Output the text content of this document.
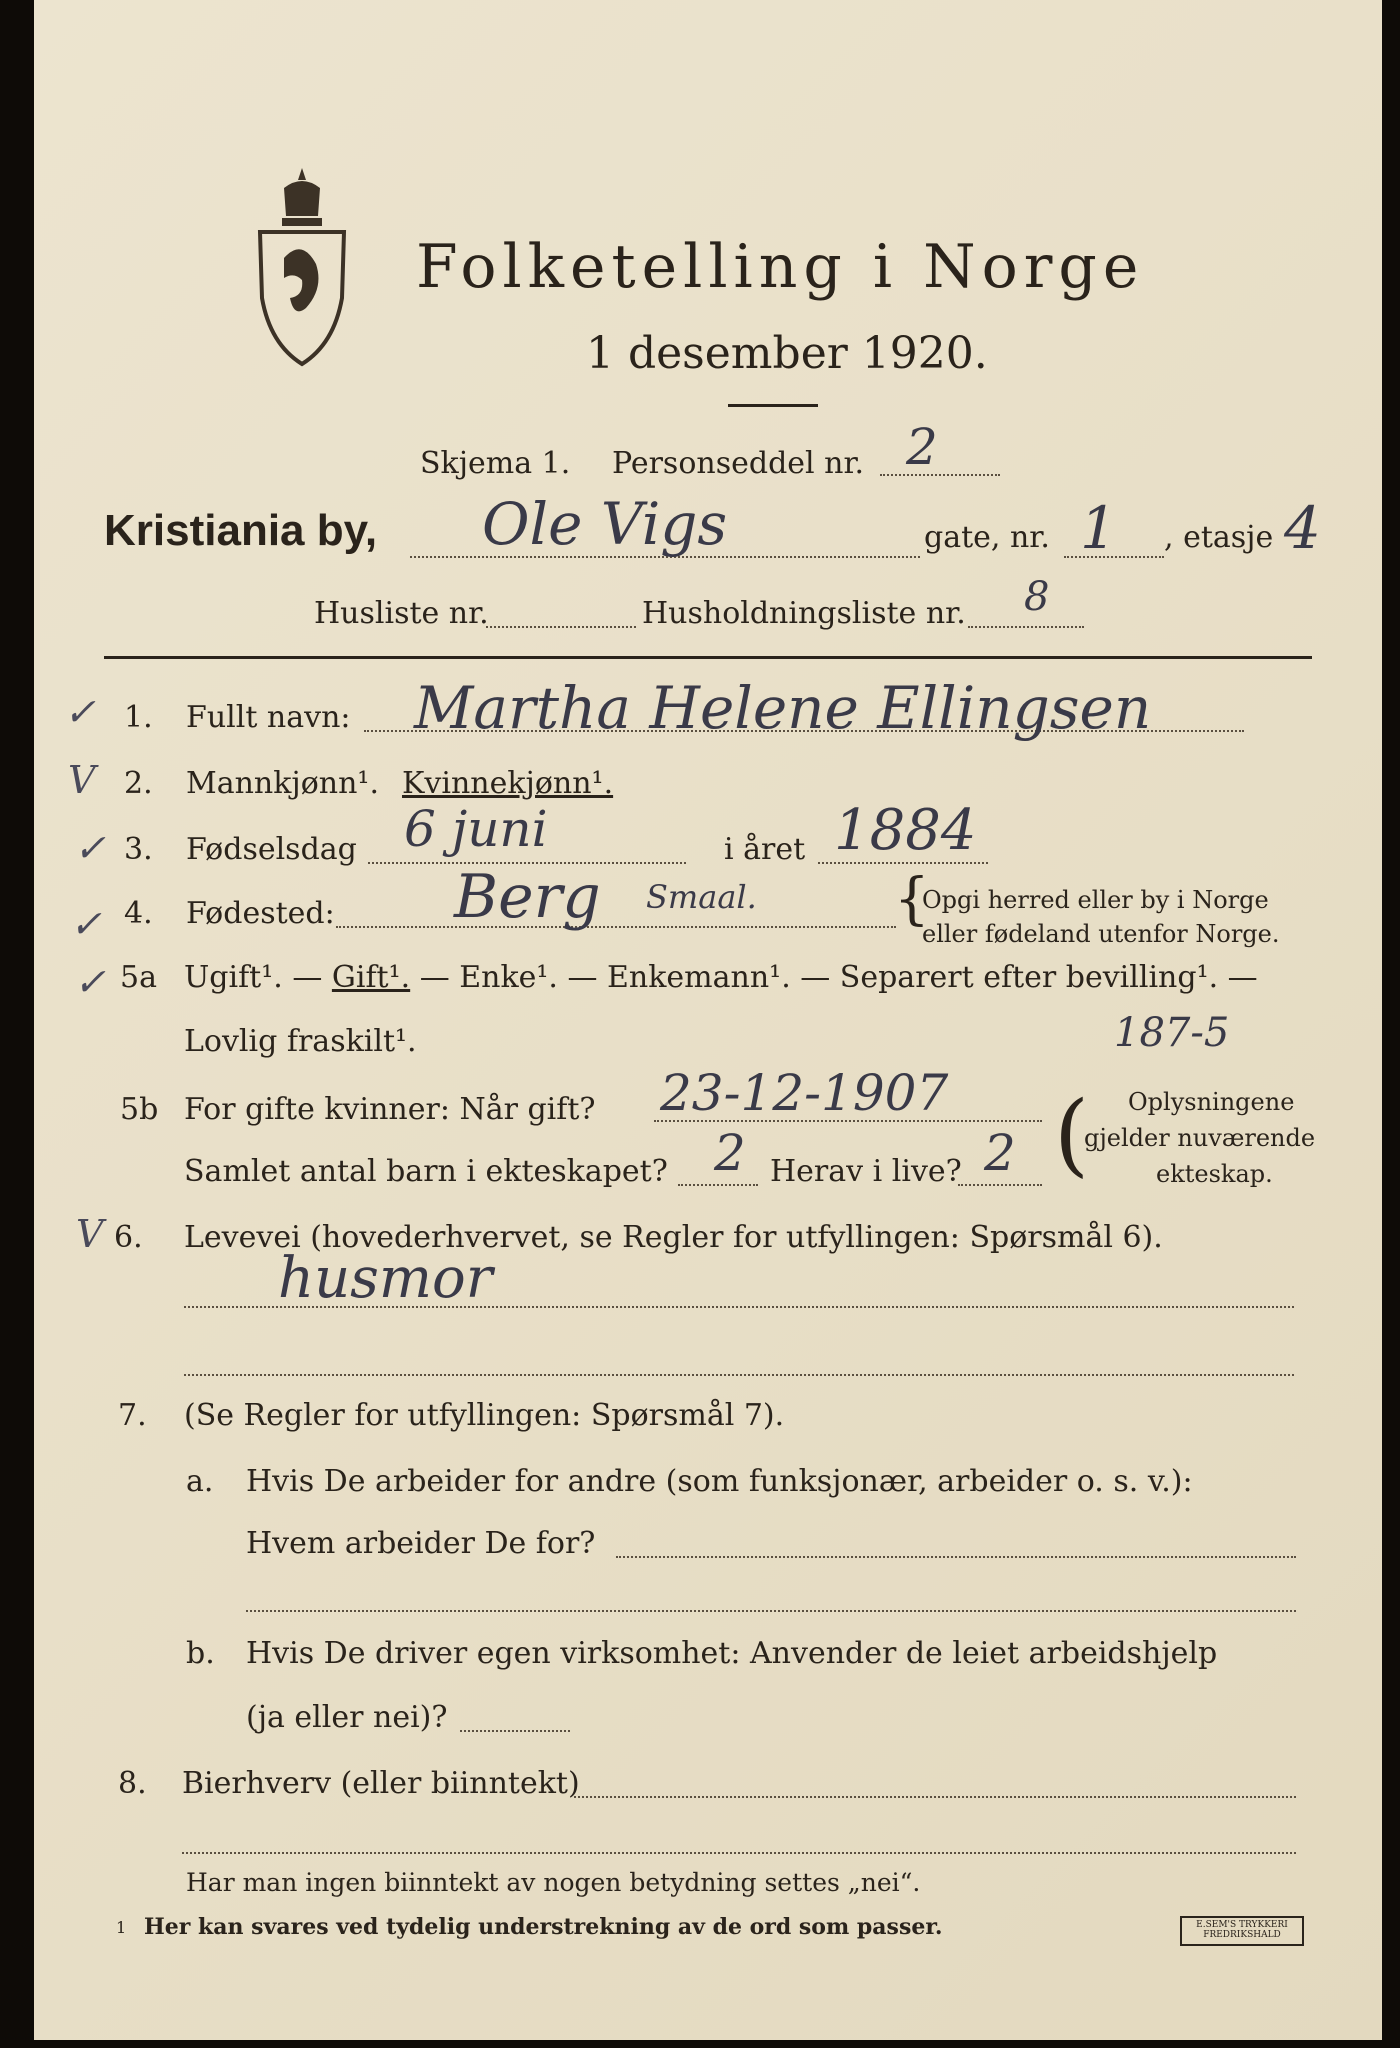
Folketelling i Norge
1 desember 1920.
Skjema 1. Personseddel nr. 2
Kristiania by, Ole Vigs	gate, nr. 1 , etasje 4
Husliste nr.	Husholdningsliste nr. 8
✓ 1. Fullt navn: Martha Helene Ellingsen
V 2. Mannkjønn¹. Kvinnekjønn¹.
✓ 3. Fødselsdag 6 juni	i året 1884
✓ 4. Fødested: Berg Smaal. {
Opgi herred eller by i Norge
eller fødeland utenfor Norge.
✓ 5a Ugift¹. — Gift¹. — Enke¹. — Enkemann¹. — Separert efter bevilling¹. —
Lovlig fraskilt¹.	187-5
5b For gifte kvinner: Når gift? 23-12-1907
Samlet antal barn i ekteskapet? 2 Herav i live? 2 ( Oplysningene
gjelder nuværende
ekteskap.
V 6. Levevei (hovederhvervet, se Regler for utfyllingen: Spørsmål 6).
husmor
7. (Se Regler for utfyllingen: Spørsmål 7).
a. Hvis De arbeider for andre (som funksjonær, arbeider o. s. v.):
Hvem arbeider De for?
b. Hvis De driver egen virksomhet: Anvender de leiet arbeidshjelp
(ja eller nei)?
8. Bierhverv (eller biinntekt)
Har man ingen biinntekt av nogen betydning settes „nei“.
1 Her kan svares ved tydelig understrekning av de ord som passer.	E.SEM'S TRYKKERI FREDRIKSHALD
